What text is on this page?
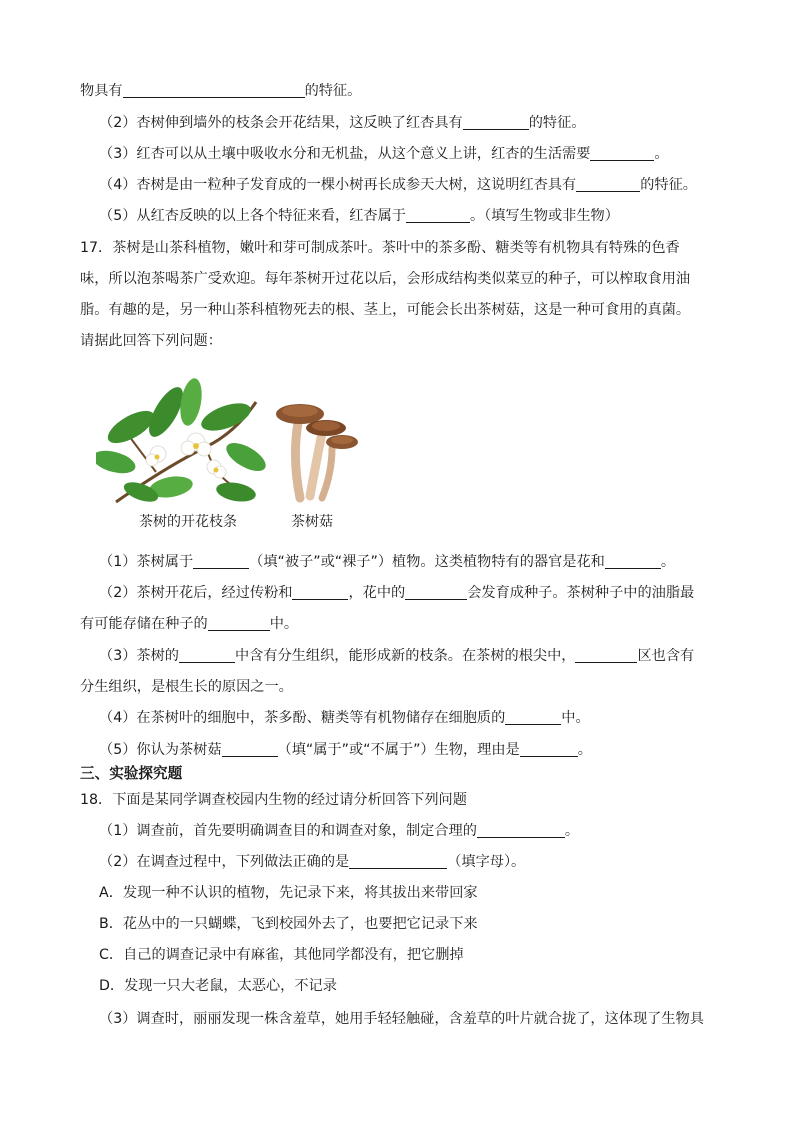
物具有	的特征。
（2）杏树伸到墙外的枝条会开花结果，这反映了红杏具有	的特征。
（3）红杏可以从土壤中吸收水分和无机盐，从这个意义上讲，红杏的生活需要	。
（4）杏树是由一粒种子发育成的一棵小树再长成参天大树，这说明红杏具有	的特征。
（5）从红杏反映的以上各个特征来看，红杏属于	。（填写生物或非生物）
17．茶树是山茶科植物，嫩叶和芽可制成茶叶。茶叶中的茶多酚、糖类等有机物具有特殊的色香
味，所以泡茶喝茶广受欢迎。每年茶树开过花以后，会形成结构类似菜豆的种子，可以榨取食用油
脂。有趣的是，另一种山茶科植物死去的根、茎上，可能会长出茶树菇，这是一种可食用的真菌。
请据此回答下列问题：
茶树的开花枝条	茶树菇
（1）茶树属于	（填“被子”或“裸子”）植物。这类植物特有的器官是花和	。
（2）茶树开花后，经过传粉和	，花中的	会发育成种子。茶树种子中的油脂最
有可能存储在种子的	中。
（3）茶树的	中含有分生组织，能形成新的枝条。在茶树的根尖中，	区也含有
分生组织，是根生长的原因之一。
（4）在茶树叶的细胞中，茶多酚、糖类等有机物储存在细胞质的	中。
（5）你认为茶树菇	（填“属于”或“不属于”）生物，理由是	。
三、实验探究题
18．下面是某同学调查校园内生物的经过请分析回答下列问题
（1）调查前，首先要明确调查目的和调查对象，制定合理的	。
（2）在调查过程中，下列做法正确的是	（填字母）。
A．发现一种不认识的植物，先记录下来，将其拔出来带回家
B．花丛中的一只蝴蝶，飞到校园外去了，也要把它记录下来
C．自己的调查记录中有麻雀，其他同学都没有，把它删掉
D．发现一只大老鼠，太恶心，不记录
（3）调查时，丽丽发现一株含羞草，她用手轻轻触碰，含羞草的叶片就合拢了，这体现了生物具
